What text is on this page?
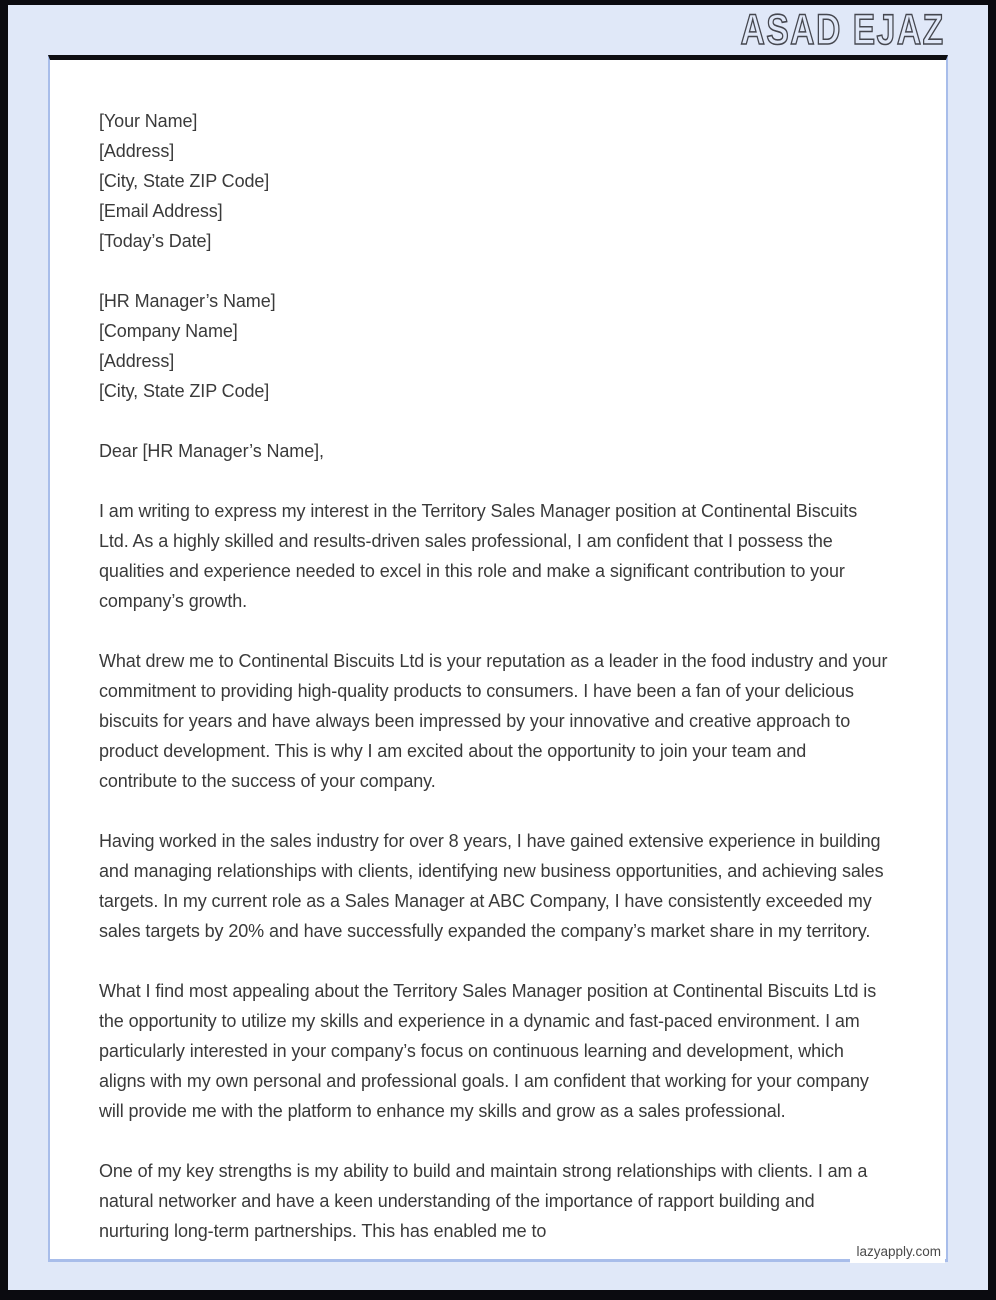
ASAD EJAZ
[Your Name]
[Address]
[City, State ZIP Code]
[Email Address]
[Today’s Date]
[HR Manager’s Name]
[Company Name]
[Address]
[City, State ZIP Code]
Dear [HR Manager’s Name],

I am writing to express my interest in the Territory Sales Manager position at Continental Biscuits Ltd. As a highly skilled and results-driven sales professional, I am confident that I possess the qualities and experience needed to excel in this role and make a significant contribution to your company’s growth.

What drew me to Continental Biscuits Ltd is your reputation as a leader in the food industry and your commitment to providing high-quality products to consumers. I have been a fan of your delicious biscuits for years and have always been impressed by your innovative and creative approach to product development. This is why I am excited about the opportunity to join your team and contribute to the success of your company.

Having worked in the sales industry for over 8 years, I have gained extensive experience in building and managing relationships with clients, identifying new business opportunities, and achieving sales targets. In my current role as a Sales Manager at ABC Company, I have consistently exceeded my sales targets by 20% and have successfully expanded the company’s market share in my territory.

What I find most appealing about the Territory Sales Manager position at Continental Biscuits Ltd is the opportunity to utilize my skills and experience in a dynamic and fast-paced environment. I am particularly interested in your company’s focus on continuous learning and development, which aligns with my own personal and professional goals. I am confident that working for your company will provide me with the platform to enhance my skills and grow as a sales professional.

One of my key strengths is my ability to build and maintain strong relationships with clients. I am a natural networker and have a keen understanding of the importance of rapport building and nurturing long-term partnerships. This has enabled me to

lazyapply.com
